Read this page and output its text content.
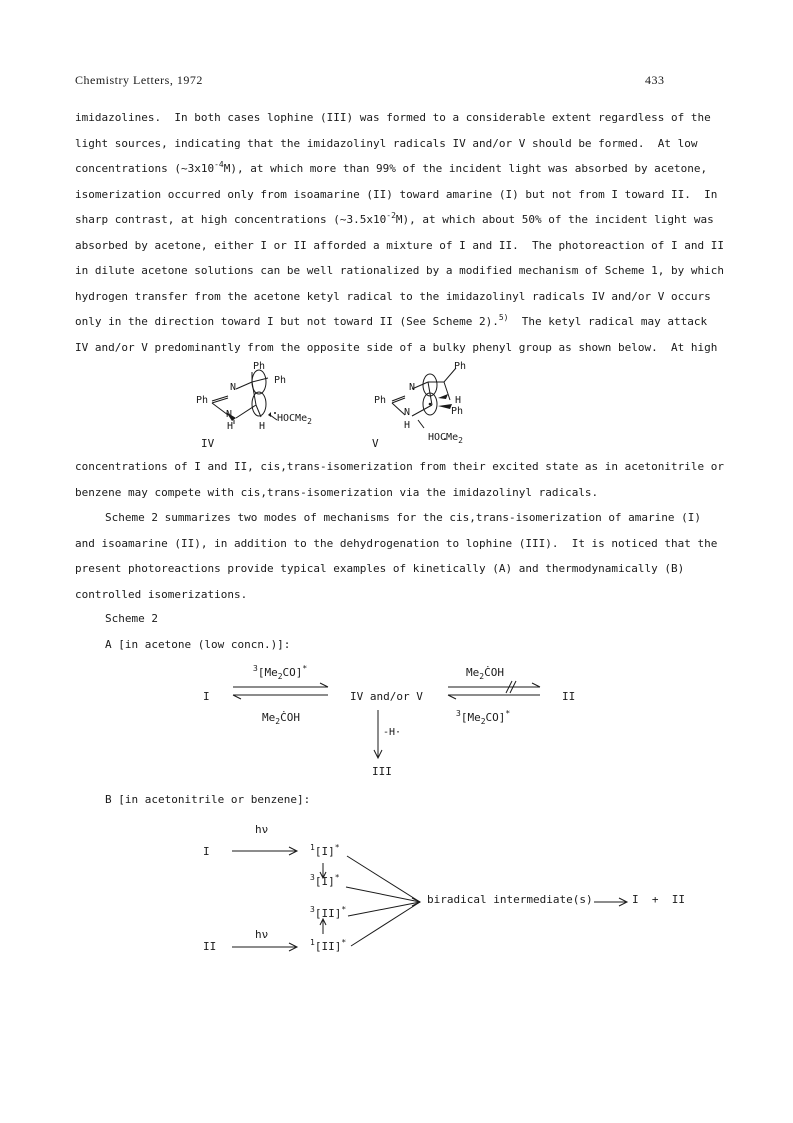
Chemistry Letters, 1972	433
imidazolines.  In both cases lophine (III) was formed to a considerable extent regardless of the
light sources, indicating that the imidazolinyl radicals IV and/or V should be formed.  At low
concentrations $(\sim 3x10^{-4}M)$, at which more than 99% of the incident light was absorbed by acetone,
isomerization occurred only from isoamarine (II) toward amarine (I) but not from I toward II.  In
sharp contrast, at high concentrations $(\sim 3.5x10^{-2}M)$, at which about 50% of the incident light was
absorbed by acetone, either I or II afforded a mixture of I and II.  The photoreaction of I and II
in dilute acetone solutions can be well rationalized by a modified mechanism of Scheme 1, by which
hydrogen transfer from the acetone ketyl radical to the imidazolinyl radicals IV and/or V occurs
only in the direction toward I but not toward II (See Scheme 2).$^{5)}$  The ketyl radical may attack
IV and/or V predominantly from the opposite side of a bulky phenyl group as shown below.  At high
Ph
Ph
Ph
N
N
H	H
HOCMe$_2$
IV
Ph
Ph
Ph
N
N
H
H
HOCMe$_2$
V
concentrations of I and II, cis,trans-isomerization from their excited state as in acetonitrile or
benzene may compete with cis,trans-isomerization via the imidazolinyl radicals.
Scheme 2 summarizes two modes of mechanisms for the cis,trans-isomerization of amarine (I)
and isoamarine (II), in addition to the dehydrogenation to lophine (III).  It is noticed that the
present photoreactions provide typical examples of kinetically (A) and thermodynamically (B)
controlled isomerizations.
Scheme 2
A [in acetone (low concn.)]:
I	IV and/or V	II
$^3[Me_2CO]^*$
$Me_2ĊOH$
$Me_2ĊOH$
$^3[Me_2CO]^*$
-H·
III
B [in acetonitrile or benzene]:
hν
I	$^1$[I]*
$^3$[I]*
$^3$[II]*
hν
II	$^1$[II]*
biradical intermediate(s)	I  +  II
